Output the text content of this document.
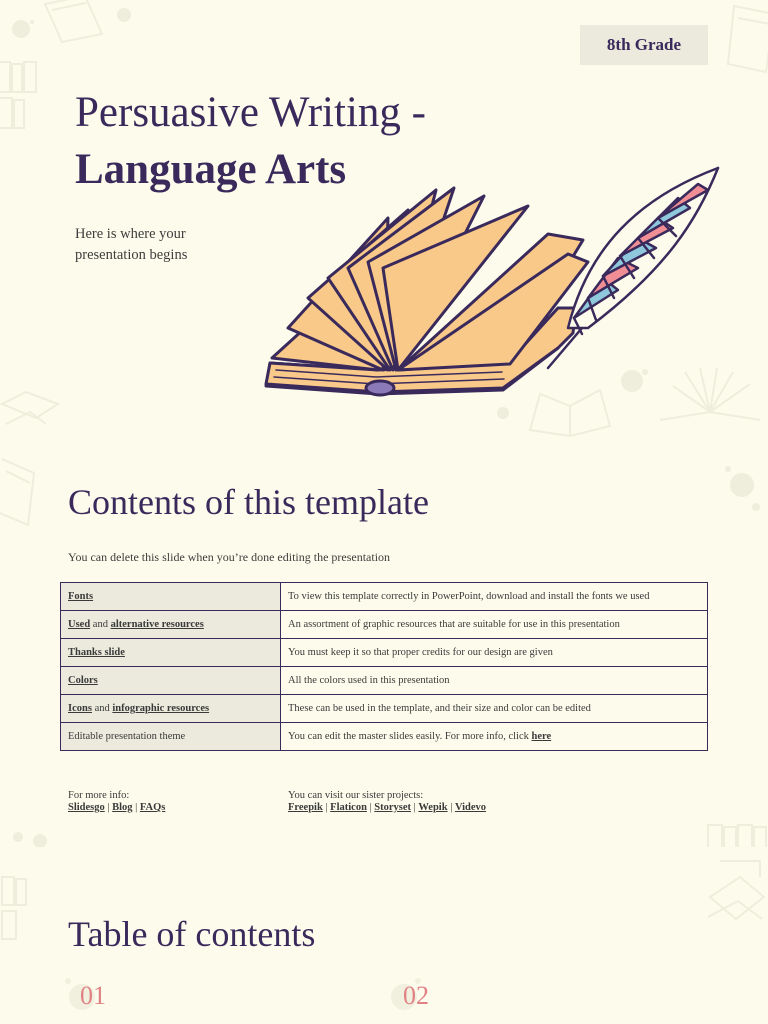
8th Grade
Persuasive Writing -
Language Arts
Here is where your presentation begins
Contents of this template
You can delete this slide when you’re done editing the presentation
Fonts	To view this template correctly in PowerPoint, download and install the fonts we used
Used and alternative resources	An assortment of graphic resources that are suitable for use in this presentation
Thanks slide	You must keep it so that proper credits for our design are given
Colors	All the colors used in this presentation
Icons and infographic resources	These can be used in the template, and their size and color can be edited
Editable presentation theme	You can edit the master slides easily. For more info, click here
For more info:
Slidesgo | Blog | FAQs
You can visit our sister projects:
Freepik | Flaticon | Storyset | Wepik | Videvo
Table of contents
01	02
